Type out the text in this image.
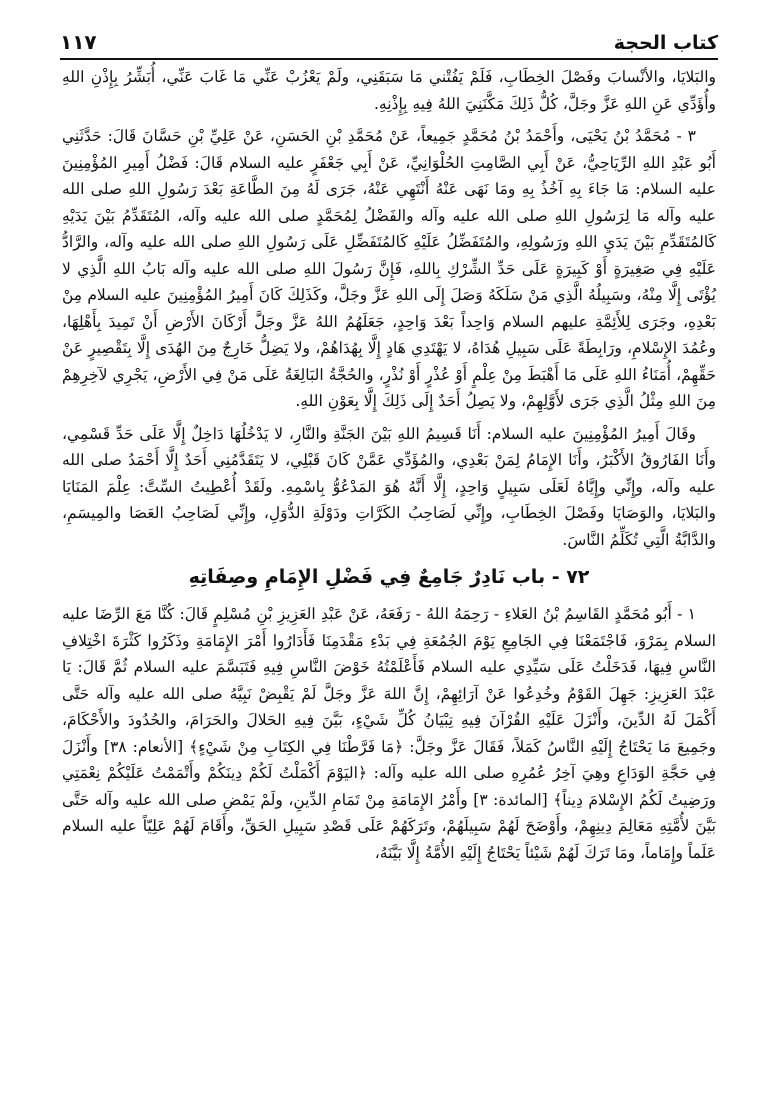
كتاب الحجة
١١٧

والبَلايَا، والأنْسابَ وفَصْلَ الخِطَابِ، فَلَمْ يَفُتْني مَا سَبَقَنِي، ولَمْ يَعْزُبْ عَنِّي مَا غَابَ عَنِّي، أُبَشِّرُ بِإِذْنِ اللهِ وأُؤَدِّي عَنِ اللهِ عَزَّ وجَلَّ، كُلُّ ذَلِكَ مَكَّنَنِيَ اللهُ فِيهِ بِإِذْنِهِ.

٣ - مُحَمَّدُ بْنُ يَحْيَى، وأَحْمَدُ بْنُ مُحَمَّدٍ جَمِيعاً، عَنْ مُحَمَّدِ بْنِ الحَسَنِ، عَنْ عَلِيِّ بْنِ حَسَّانَ قَالَ: حَدَّثَنِي أَبُو عَبْدِ اللهِ الرِّيَاحِيُّ، عَنْ أَبِي الصَّامِتِ الحُلْوَانِيِّ، عَنْ أَبِي جَعْفَرٍ عليه السلام قَالَ: فَضْلُ أَمِيرِ المُؤْمِنِينَ عليه السلام: مَا جَاءَ بِهِ آخُذُ بِهِ ومَا نَهَى عَنْهُ أَنْتَهِي عَنْهُ، جَرَى لَهُ مِنَ الطَّاعَةِ بَعْدَ رَسُولِ اللهِ صلى الله عليه وآله مَا لِرَسُولِ اللهِ صلى الله عليه وآله والفَضْلُ لِمُحَمَّدٍ صلى الله عليه وآله، المُتَقَدِّمُ بَيْنَ يَدَيْهِ كَالمُتَقَدِّمِ بَيْنَ يَدَيِ اللهِ ورَسُولِهِ، والمُتَفَضِّلُ عَلَيْهِ كَالمُتَفَضِّلِ عَلَى رَسُولِ اللهِ صلى الله عليه وآله، والرَّادُّ عَلَيْهِ فِي صَغِيرَةٍ أَوْ كَبِيرَةٍ عَلَى حَدِّ الشِّرْكِ بِاللهِ، فَإِنَّ رَسُولَ اللهِ صلى الله عليه وآله بَابُ اللهِ الَّذِي لا يُؤْتَى إِلَّا مِنْهُ، وسَبِيلُهُ الَّذِي مَنْ سَلَكَهُ وَصَلَ إِلَى اللهِ عَزَّ وجَلَّ، وكَذَلِكَ كَانَ أَمِيرُ المُؤْمِنِينَ عليه السلام مِنْ بَعْدِهِ، وجَرَى لِلأَئِمَّةِ عليهم السلام وَاحِداً بَعْدَ وَاحِدٍ، جَعَلَهُمُ اللهُ عَزَّ وجَلَّ أَرْكَانَ الأَرْضِ أَنْ تَمِيدَ بِأَهْلِهَا، وعُمُدَ الإِسْلامِ، ورَابِطَةً عَلَى سَبِيلِ هُدَاهُ، لا يَهْتَدِي هَادٍ إِلَّا بِهُدَاهُمْ، ولا يَضِلُّ خَارِجٌ مِنَ الهُدَى إِلَّا بِتَقْصِيرٍ عَنْ حَقِّهِمْ، أُمَنَاءُ اللهِ عَلَى مَا أَهْبَطَ مِنْ عِلْمٍ أَوْ عُذْرٍ أَوْ نُذْرٍ، والحُجَّةُ البَالِغَةُ عَلَى مَنْ فِي الأَرْضِ، يَجْرِي لآخِرِهِمْ مِنَ اللهِ مِثْلُ الَّذِي جَرَى لأَوَّلِهِمْ، ولا يَصِلُ أَحَدٌ إِلَى ذَلِكَ إِلَّا بِعَوْنِ اللهِ.

وقَالَ أَمِيرُ المُؤْمِنِينَ عليه السلام: أَنَا قَسِيمُ اللهِ بَيْنَ الجَنَّةِ والنَّارِ، لا يَدْخُلُهَا دَاخِلٌ إِلَّا عَلَى حَدِّ قَسْمِي، وأَنَا الفَارُوقُ الأَكْبَرُ، وأَنَا الإِمَامُ لِمَنْ بَعْدِي، والمُؤَدِّي عَمَّنْ كَانَ قَبْلِي، لا يَتَقَدَّمُنِي أَحَدٌ إِلَّا أَحْمَدُ صلى الله عليه وآله، وإِنِّي وإِيَّاهُ لَعَلَى سَبِيلٍ وَاحِدٍ، إِلَّا أَنَّهُ هُوَ المَدْعُوُّ بِاسْمِهِ. ولَقَدْ أُعْطِيتُ السِّتَّ: عِلْمَ المَنَايَا والبَلايَا، والوَصَايَا وفَصْلَ الخِطَابِ، وإِنِّي لَصَاحِبُ الكَرَّاتِ ودَوْلَةِ الدُّوَلِ، وإِنِّي لَصَاحِبُ العَصَا والمِيسَمِ، والدَّابَّةُ الَّتِي تُكَلِّمُ النَّاسَ.

٧٢ - باب نَادِرٌ جَامِعٌ فِي فَضْلِ الإِمَامِ وصِفَاتِهِ

١ - أَبُو مُحَمَّدٍ القَاسِمُ بْنُ العَلاءِ - رَحِمَهُ اللهُ - رَفَعَهُ، عَنْ عَبْدِ العَزِيزِ بْنِ مُسْلِمٍ قَالَ: كُنَّا مَعَ الرِّضَا عليه السلام بِمَرْوَ، فَاجْتَمَعْنَا فِي الجَامِعِ يَوْمَ الجُمُعَةِ فِي بَدْءِ مَقْدَمِنَا فَأَدَارُوا أَمْرَ الإِمَامَةِ وذَكَرُوا كَثْرَةَ اخْتِلافِ النَّاسِ فِيهَا، فَدَخَلْتُ عَلَى سَيِّدِي عليه السلام فَأَعْلَمْتُهُ خَوْضَ النَّاسِ فِيهِ فَتَبَسَّمَ عليه السلام ثُمَّ قَالَ: يَا عَبْدَ العَزِيزِ: جَهِلَ القَوْمُ وخُدِعُوا عَنْ آرَائِهِمْ، إِنَّ اللهَ عَزَّ وجَلَّ لَمْ يَقْبِضْ نَبِيَّهُ صلى الله عليه وآله حَتَّى أَكْمَلَ لَهُ الدِّينَ، وأَنْزَلَ عَلَيْهِ القُرْآنَ فِيهِ تِبْيَانُ كُلِّ شَيْءٍ، بَيَّنَ فِيهِ الحَلالَ والحَرَامَ، والحُدُودَ والأَحْكَامَ، وجَمِيعَ مَا يَحْتَاجُ إِلَيْهِ النَّاسُ كَمَلاً، فَقَالَ عَزَّ وجَلَّ: ﴿مَا فَرَّطْنَا فِي الكِتَابِ مِنْ شَيْءٍ﴾ [الأنعام: ٣٨] وأَنْزَلَ فِي حَجَّةِ الوَدَاعِ وهِيَ آخِرُ عُمُرِهِ صلى الله عليه وآله: ﴿اليَوْمَ أَكْمَلْتُ لَكُمْ دِينَكُمْ وأَتْمَمْتُ عَلَيْكُمْ نِعْمَتِي ورَضِيتُ لَكُمُ الإِسْلامَ دِيناً﴾ [المائدة: ٣] وأَمْرُ الإِمَامَةِ مِنْ تَمَامِ الدِّينِ، ولَمْ يَمْضِ صلى الله عليه وآله حَتَّى بَيَّنَ لأُمَّتِهِ مَعَالِمَ دِينِهِمْ، وأَوْضَحَ لَهُمْ سَبِيلَهُمْ، وتَرَكَهُمْ عَلَى قَصْدِ سَبِيلِ الحَقِّ، وأَقَامَ لَهُمْ عَلِيّاً عليه السلام عَلَماً وإِمَاماً، ومَا تَرَكَ لَهُمْ شَيْئاً يَحْتَاجُ إِلَيْهِ الأُمَّةُ إِلَّا بَيَّنَهُ،
